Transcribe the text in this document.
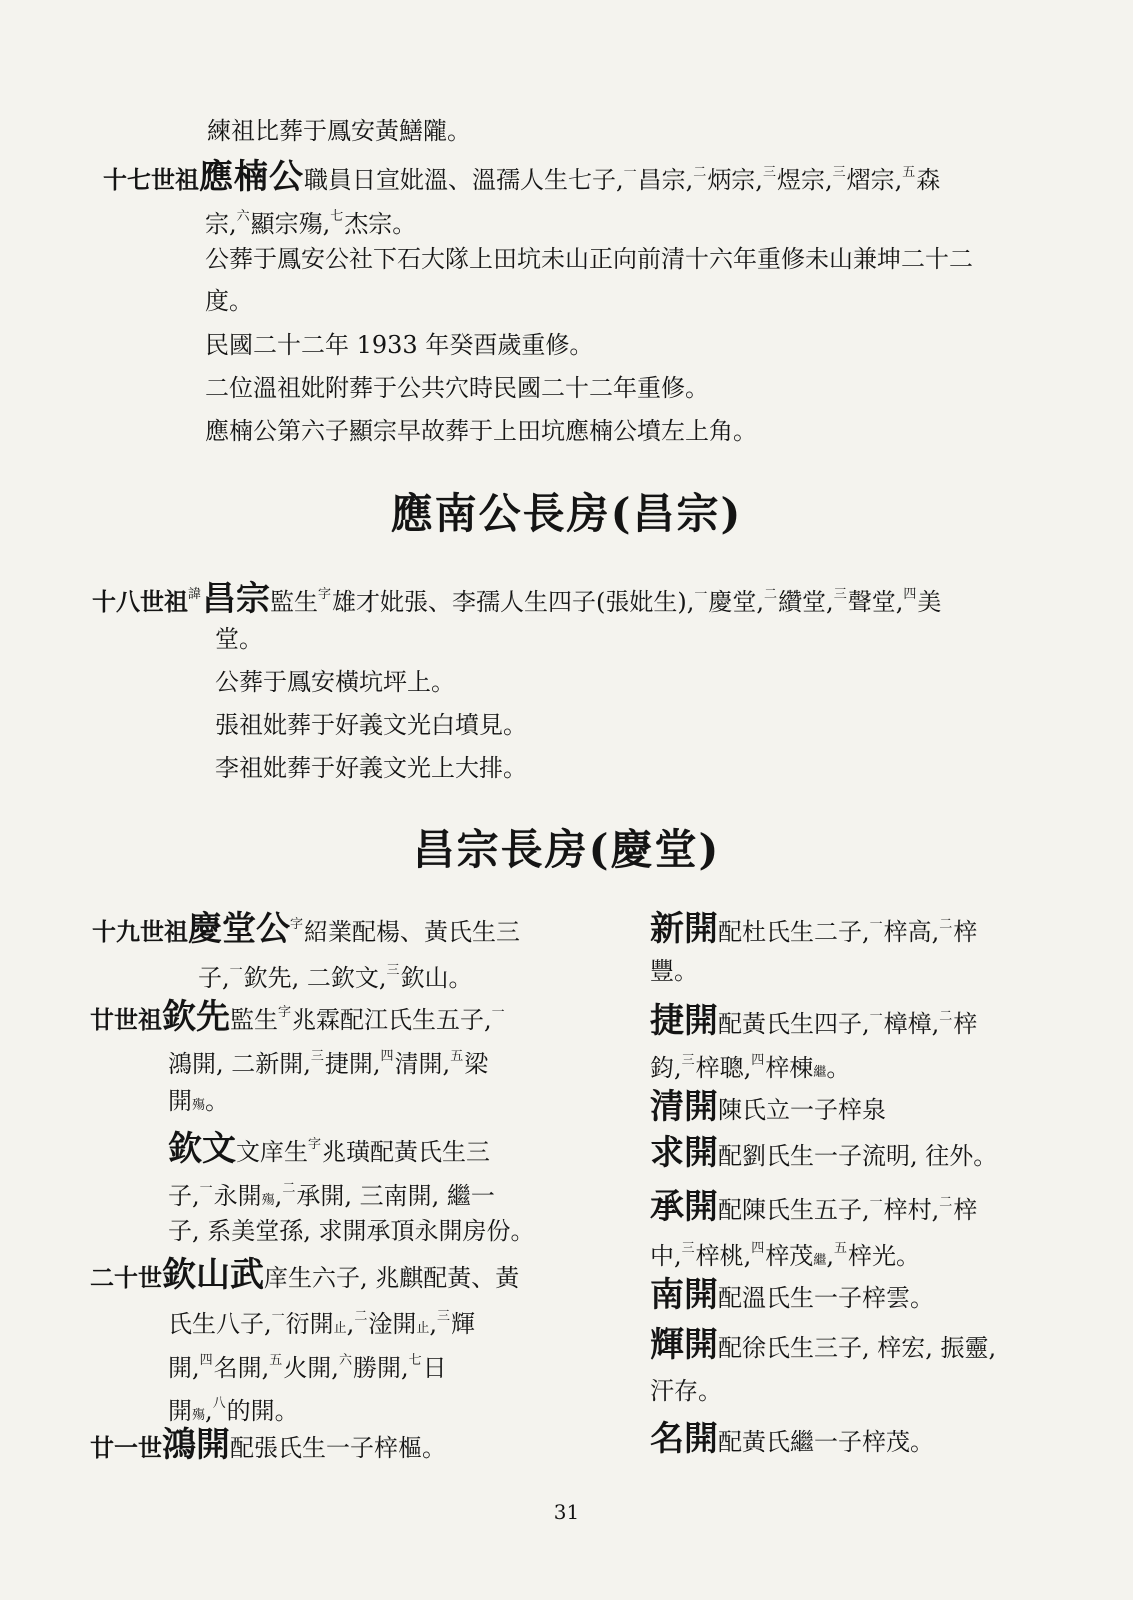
練祖比葬于鳳安黃鱔隴。
十七世祖應楠公職員日宣妣溫、溫孺人生七子,$^一$昌宗,$^二$炳宗,$^三$煜宗,$^三$熠宗,$^五$森
宗,$^六$顯宗殤,$^七$杰宗。
公葬于鳳安公社下石大隊上田坑未山正向前清十六年重修未山兼坤二十二
度。
民國二十二年 1933 年癸酉歲重修。
二位溫祖妣附葬于公共穴時民國二十二年重修。
應楠公第六子顯宗早故葬于上田坑應楠公墳左上角。
應南公長房(昌宗)
十八世祖$^諱$昌宗監生$^字$雄才妣張、李孺人生四子(張妣生),$^一$慶堂,$^二$纘堂,$^三$聲堂,$^四$美
堂。
公葬于鳳安橫坑坪上。
張祖妣葬于好義文光白墳見。
李祖妣葬于好義文光上大排。
昌宗長房(慶堂)
十九世祖慶堂公$^字$紹業配楊、黃氏生三
子,$^一$欽先, 二欽文,$^三$欽山。
廿世祖欽先監生$^字$兆霖配江氏生五子,$^一$
鴻開, 二新開,$^三$捷開,$^四$清開,$^五$梁
開殤。
欽文文庠生$^字$兆璜配黃氏生三
子,$^一$永開殤,$^二$承開, 三南開, 繼一
子, 系美堂孫, 求開承頂永開房份。
二十世欽山武庠生六子, 兆麒配黃、黃
氏生八子,$^一$衍開止,$^二$淦開止,$^三$輝
開,$^四$名開,$^五$火開,$^六$勝開,$^七$日
開殤,$^八$的開。
廿一世鴻開配張氏生一子梓樞。
新開配杜氏生二子,$^一$梓高,$^二$梓
豐。
捷開配黃氏生四子,$^一$樟樟,$^二$梓
鈞,$^三$梓聰,$^四$梓棟繼。
清開陳氏立一子梓泉
求開配劉氏生一子流明, 往外。
承開配陳氏生五子,$^一$梓村,$^二$梓
中,$^三$梓桃,$^四$梓茂繼,$^五$梓光。
南開配溫氏生一子梓雲。
輝開配徐氏生三子, 梓宏, 振靈,
汗存。
名開配黃氏繼一子梓茂。
31
